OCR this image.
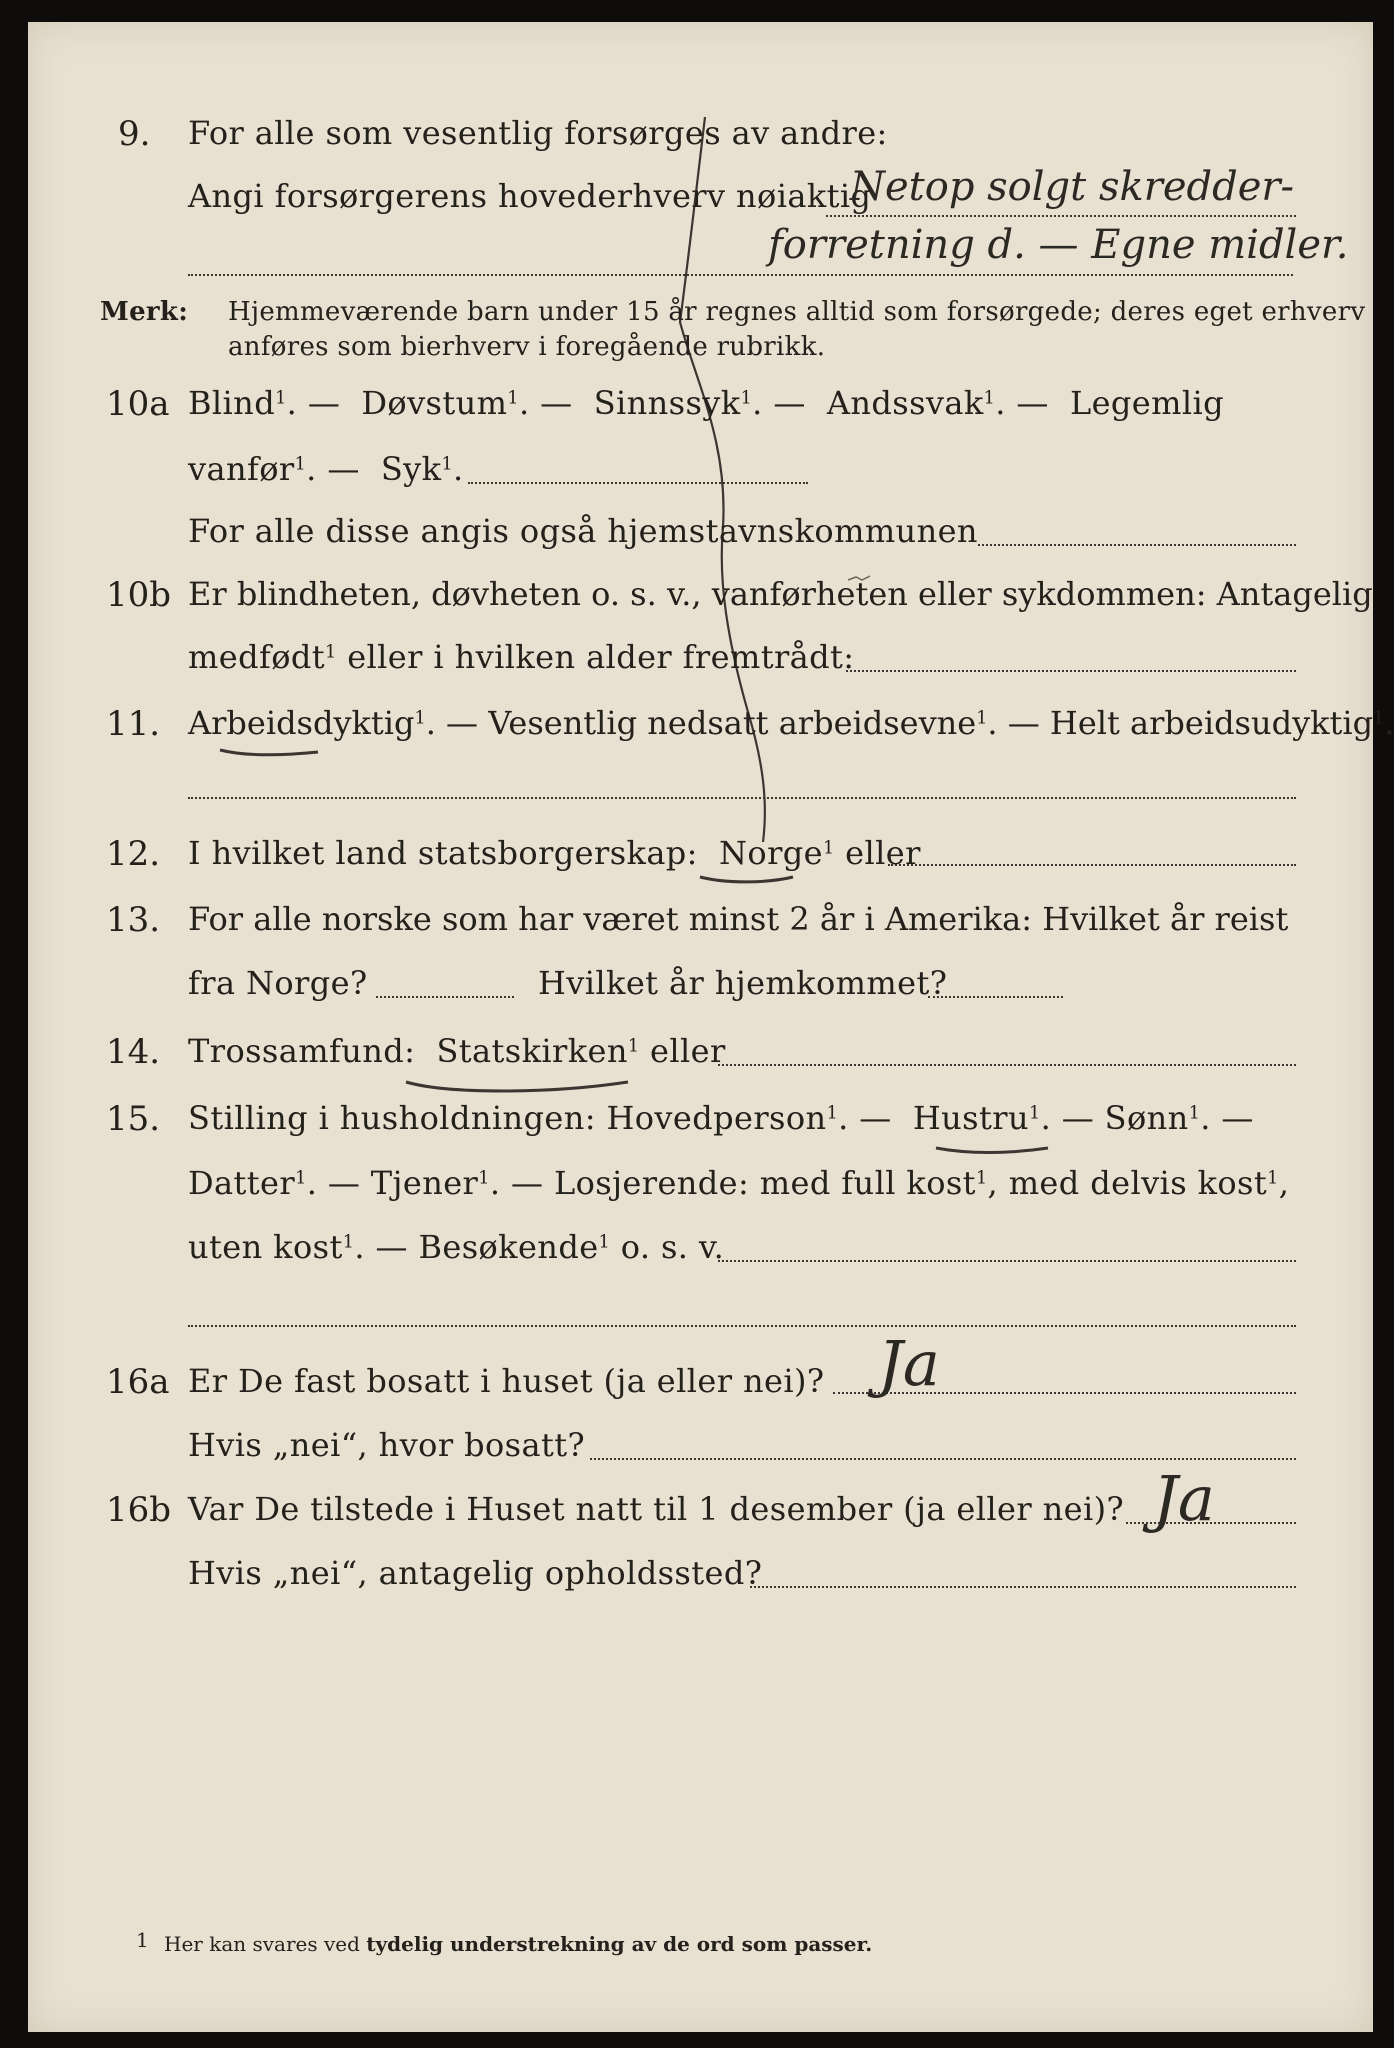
9. For alle som vesentlig forsørges av andre:
Angi forsørgerens hovederhverv nøiaktig
Netop solgt skredder-
forretning d. — Egne midler.
Merk: Hjemmeværende barn under 15 år regnes alltid som forsørgede; deres eget erhverv
anføres som bierhverv i foregående rubrikk.
10a Blind$^1$. —  Døvstum$^1$. —  Sinnssyk$^1$. —  Andssvak$^1$. —  Legemlig
vanfør$^1$. —  Syk$^1$.
For alle disse angis også hjemstavnskommunen
10b Er blindheten, døvheten o. s. v., vanførheten eller sykdommen: Antagelig
medfødt$^1$ eller i hvilken alder fremtrådt:
11. Arbeidsdyktig$^1$. — Vesentlig nedsatt arbeidsevne$^1$. — Helt arbeidsudyktig$^1$.
12. I hvilket land statsborgerskap: Norge$^1$ eller
13. For alle norske som har været minst 2 år i Amerika: Hvilket år reist
fra Norge?	Hvilket år hjemkommet?
14. Trossamfund: Statskirken$^1$ eller
15. Stilling i husholdningen: Hovedperson$^1$. — Hustru$^1$. — Sønn$^1$. —
Datter$^1$. — Tjener$^1$. — Losjerende: med full kost$^1$, med delvis kost$^1$,
uten kost$^1$. — Besøkende$^1$ o. s. v.
16a Er De fast bosatt i huset (ja eller nei)? Ja
Hvis „nei“, hvor bosatt?
16b Var De tilstede i Huset natt til 1 desember (ja eller nei)? Ja
Hvis „nei“, antagelig opholdssted?
1 Her kan svares ved tydelig understrekning av de ord som passer.
